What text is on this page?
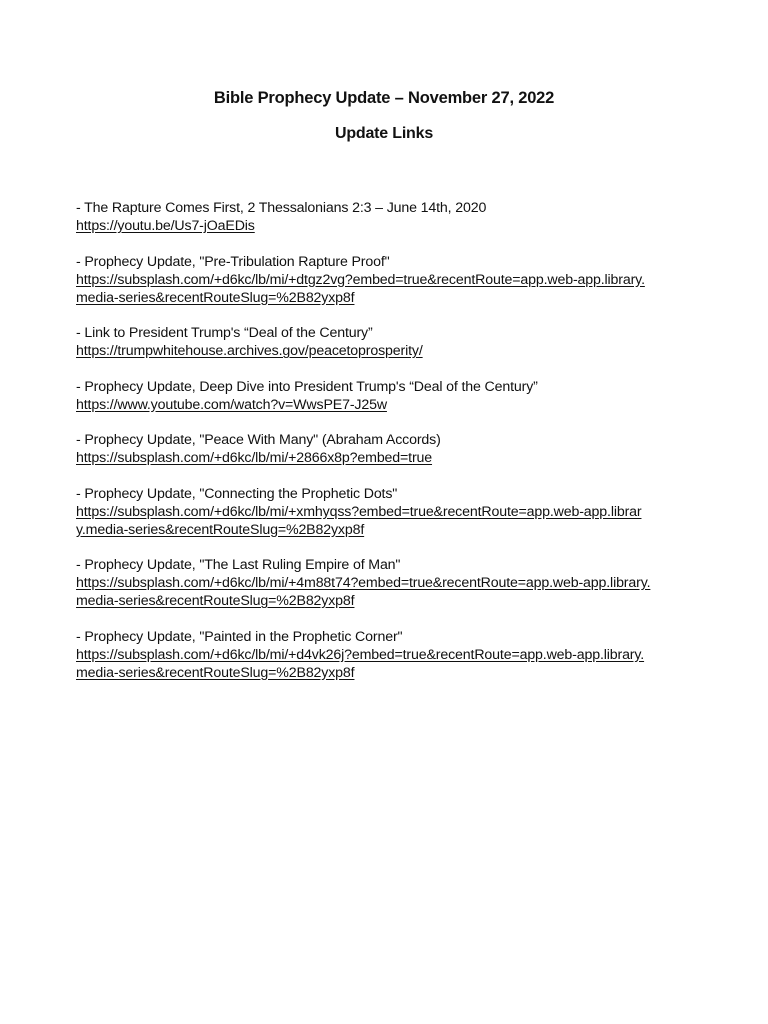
Bible Prophecy Update – November 27, 2022
Update Links
- The Rapture Comes First, 2 Thessalonians 2:3 – June 14th, 2020
https://youtu.be/Us7-jOaEDis
- Prophecy Update, "Pre-Tribulation Rapture Proof"
https://subsplash.com/+d6kc/lb/mi/+dtgz2vg?embed=true&recentRoute=app.web-app.library.media-series&recentRouteSlug=%2B82yxp8f
- Link to President Trump's “Deal of the Century”
https://trumpwhitehouse.archives.gov/peacetoprosperity/
- Prophecy Update, Deep Dive into President Trump's “Deal of the Century”
https://www.youtube.com/watch?v=WwsPE7-J25w
- Prophecy Update, "Peace With Many" (Abraham Accords)
https://subsplash.com/+d6kc/lb/mi/+2866x8p?embed=true
- Prophecy Update, "Connecting the Prophetic Dots"
https://subsplash.com/+d6kc/lb/mi/+xmhyqss?embed=true&recentRoute=app.web-app.library.media-series&recentRouteSlug=%2B82yxp8f
- Prophecy Update, "The Last Ruling Empire of Man"
https://subsplash.com/+d6kc/lb/mi/+4m88t74?embed=true&recentRoute=app.web-app.library.media-series&recentRouteSlug=%2B82yxp8f
- Prophecy Update, "Painted in the Prophetic Corner"
https://subsplash.com/+d6kc/lb/mi/+d4vk26j?embed=true&recentRoute=app.web-app.library.media-series&recentRouteSlug=%2B82yxp8f
